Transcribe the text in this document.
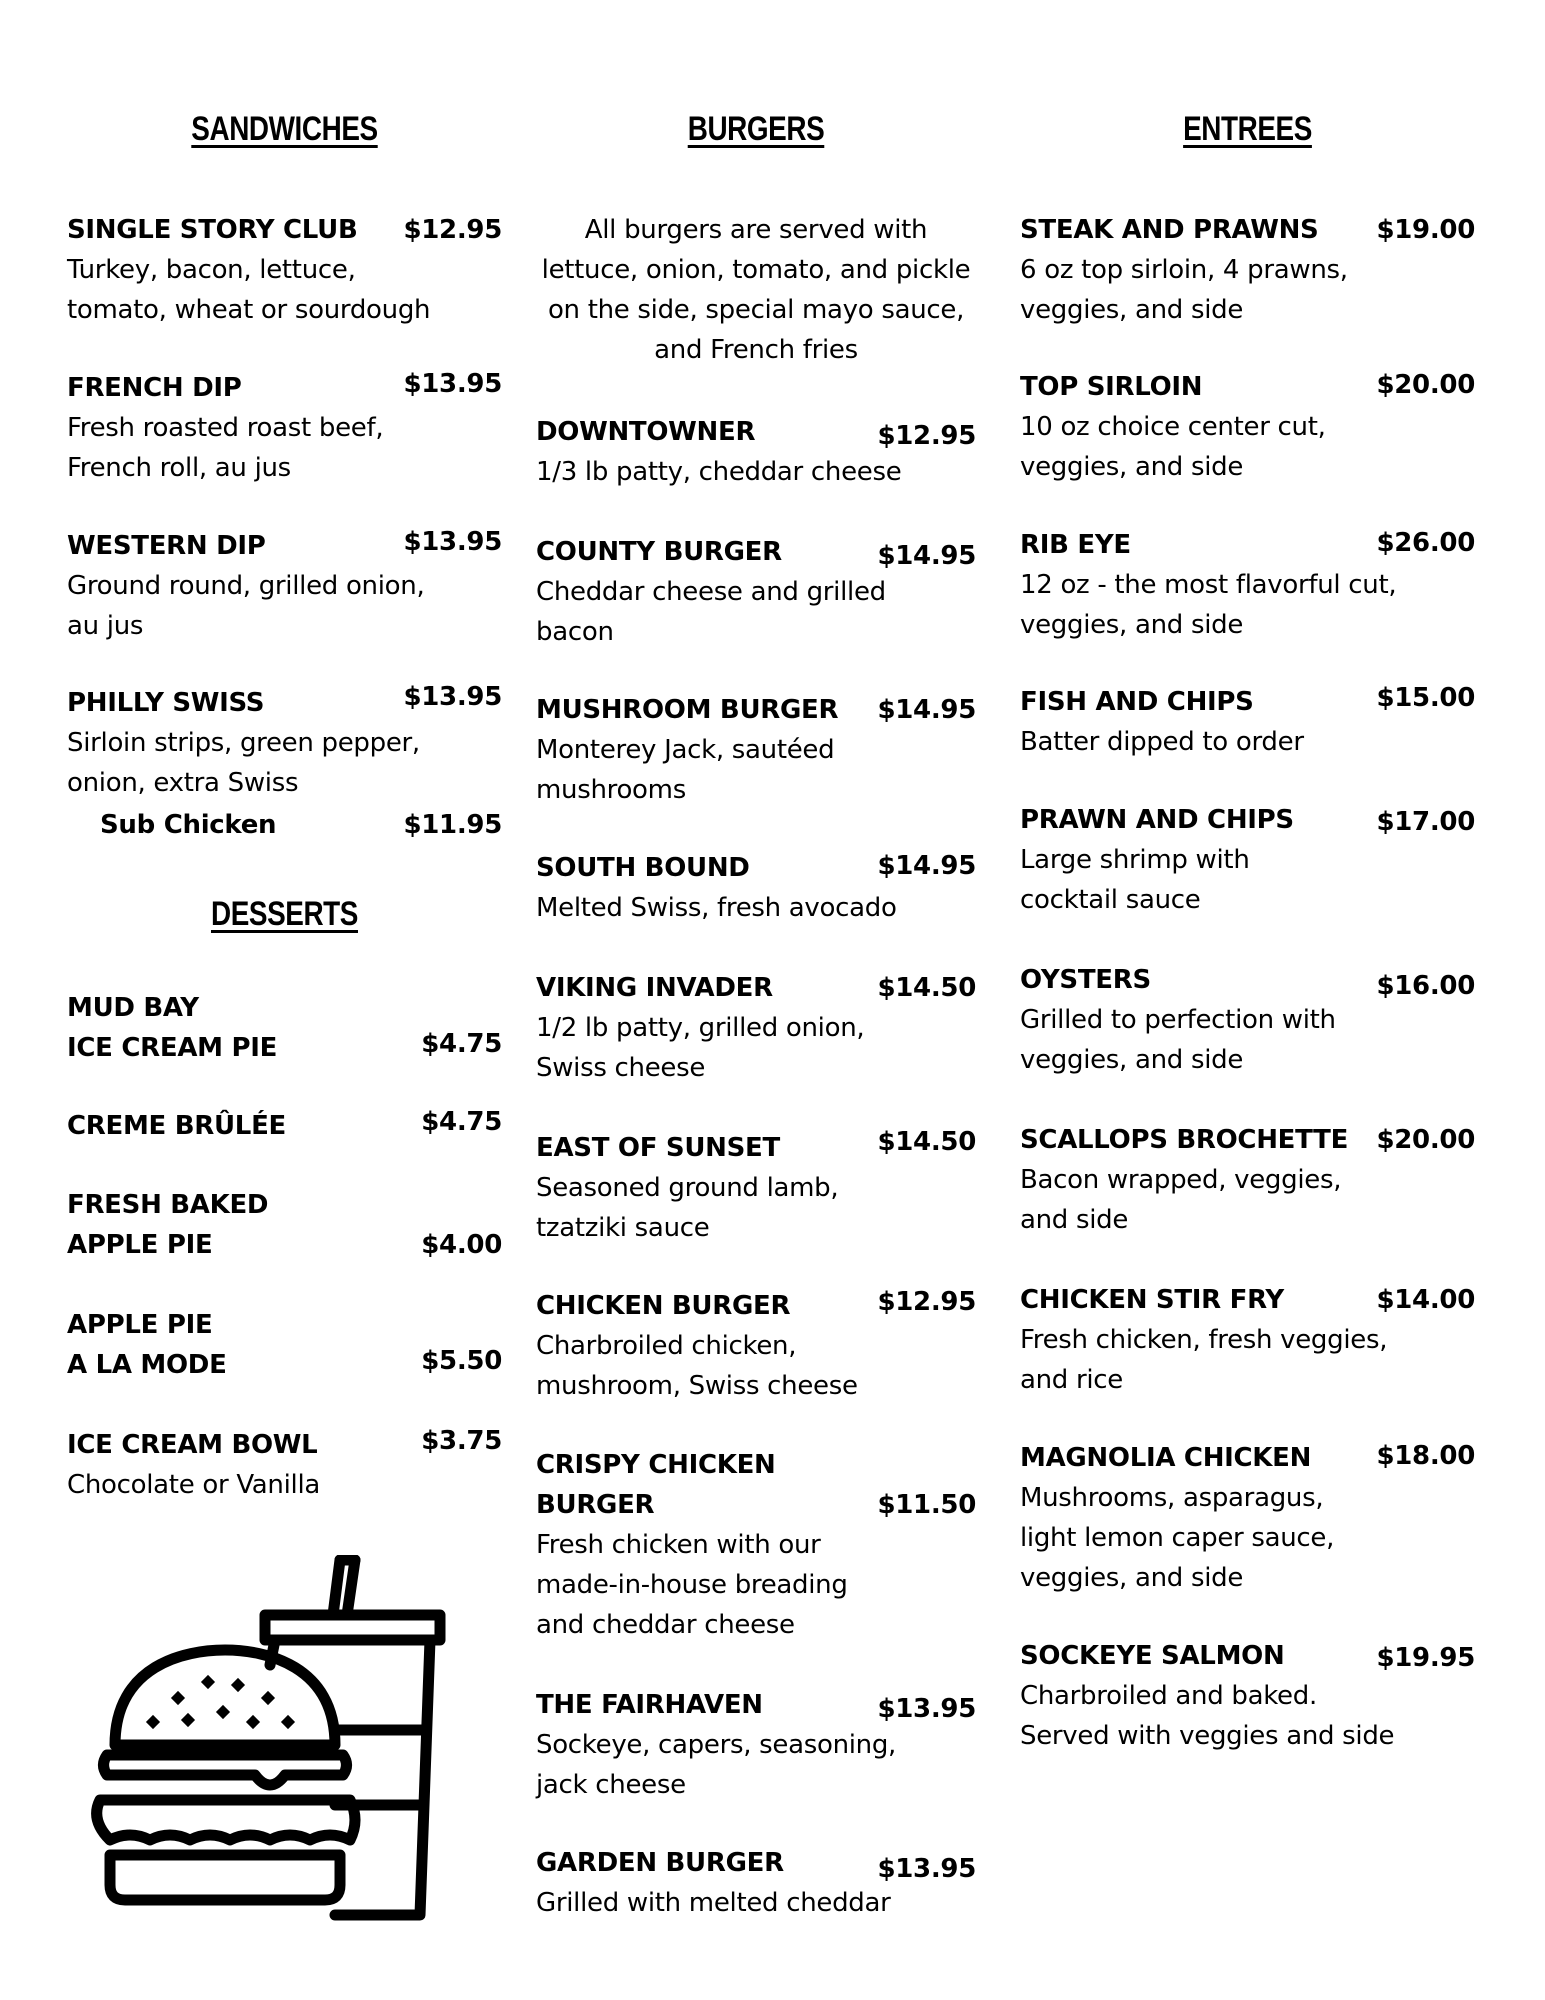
SANDWICHES
SINGLE STORY CLUB	$12.95
Turkey, bacon, lettuce,
tomato, wheat or sourdough
FRENCH DIP	$13.95
Fresh roasted roast beef,
French roll, au jus
WESTERN DIP	$13.95
Ground round, grilled onion,
au jus
PHILLY SWISS	$13.95
Sirloin strips, green pepper,
onion, extra Swiss
Sub Chicken	$11.95
DESSERTS
MUD BAY
ICE CREAM PIE	$4.75
CREME BRÛLÉE	$4.75
FRESH BAKED
APPLE PIE	$4.00
APPLE PIE
A LA MODE	$5.50
ICE CREAM BOWL	$3.75
Chocolate or Vanilla
BURGERS
All burgers are served with
lettuce, onion, tomato, and pickle
on the side, special mayo sauce,
and French fries
DOWNTOWNER	$12.95
1/3 lb patty, cheddar cheese
COUNTY BURGER	$14.95
Cheddar cheese and grilled
bacon
MUSHROOM BURGER	$14.95
Monterey Jack, sautéed
mushrooms
SOUTH BOUND	$14.95
Melted Swiss, fresh avocado
VIKING INVADER	$14.50
1/2 lb patty, grilled onion,
Swiss cheese
EAST OF SUNSET	$14.50
Seasoned ground lamb,
tzatziki sauce
CHICKEN BURGER	$12.95
Charbroiled chicken,
mushroom, Swiss cheese
CRISPY CHICKEN
BURGER	$11.50
Fresh chicken with our
made-in-house breading
and cheddar cheese
THE FAIRHAVEN	$13.95
Sockeye, capers, seasoning,
jack cheese
GARDEN BURGER	$13.95
Grilled with melted cheddar
ENTREES
STEAK AND PRAWNS	$19.00
6 oz top sirloin, 4 prawns,
veggies, and side
TOP SIRLOIN	$20.00
10 oz choice center cut,
veggies, and side
RIB EYE	$26.00
12 oz - the most flavorful cut,
veggies, and side
FISH AND CHIPS	$15.00
Batter dipped to order
PRAWN AND CHIPS	$17.00
Large shrimp with
cocktail sauce
OYSTERS	$16.00
Grilled to perfection with
veggies, and side
SCALLOPS BROCHETTE	$20.00
Bacon wrapped, veggies,
and side
CHICKEN STIR FRY	$14.00
Fresh chicken, fresh veggies,
and rice
MAGNOLIA CHICKEN	$18.00
Mushrooms, asparagus,
light lemon caper sauce,
veggies, and side
SOCKEYE SALMON	$19.95
Charbroiled and baked.
Served with veggies and side
